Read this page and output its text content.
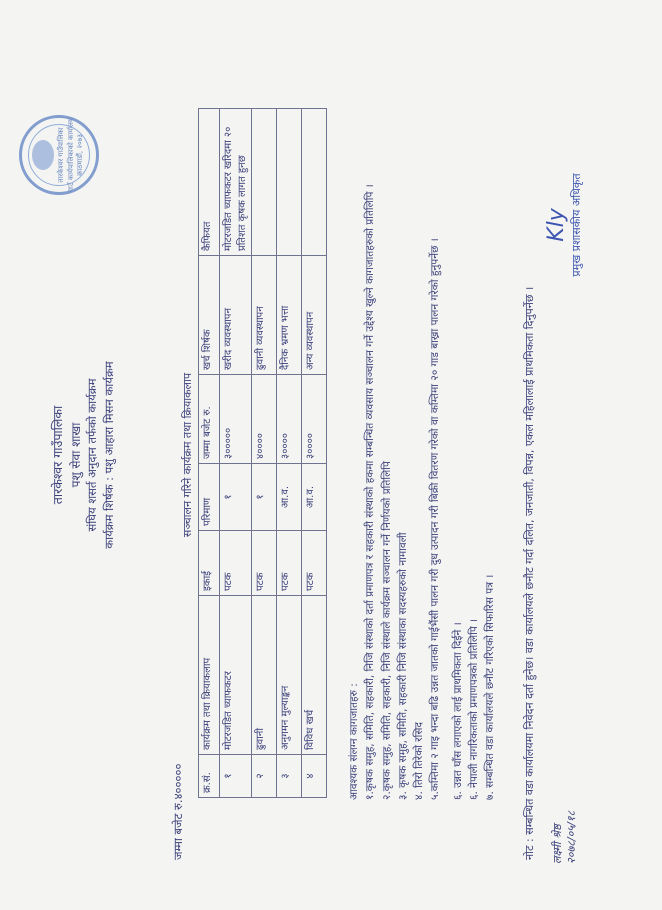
तारकेश्वर गाउँपालिका गाउँ कार्यपालिकाको कार्यालय काठमाडौं, २०७३
तारकेश्वर गाउँपालिका पशु सेवा शाखा संघिय शसर्त अनुदान तर्फको कार्यक्रम कार्यक्रम शिर्षक : पशु आहारा मिसन कार्यक्रम
जम्मा बजेट रु.४०००००
सञ्चालन गरिने कार्यक्रम तथा क्रियाकलाप
क्र.सं.	कार्यक्रम तथा क्रियाकलाप	इकाई	परिमाण	जम्मा बजेट रु.	खर्च शिर्षक	कैफियत
१	मोटरजडित च्याफकटर	पटक	१	३०००००	खरीद व्यवस्थापन	मोटरजडित च्याफकटर खरिदमा २० प्रतिशत कृषक लागत हुनछ
२	ढुवानी	पटक	१	४००००	ढुवानी व्यवस्थापन	
३	अनुगमन मुल्याङ्कन	पटक	आ.व.	३००००	दैनिक भ्रमण भत्ता	
४	विविध खर्च	पटक	आ.व.	३००००	अन्य व्यवस्थापन	

आवश्यक संलग्न कागजातहरु : १.कृषक समुह, समिति, सहकारी, निजि संस्थाको दर्ता प्रमाणपत्र र सहकारी संस्थाको हकमा सम्बन्धित व्यवसाय सञ्चालन गर्ने उद्देश्य खुल्ने कागजातहरुको प्रतिलिपि । २.कृषक समुह, समिति, सहकारी, निजि संस्थाले कार्यक्रम सञ्चालन गर्ने निर्णयको प्रतिलिपि ३. कृषक समुह, समिति, सहकारी निजि संस्थाका सदस्यहरुको नामावली ४. तिरो तिरेको रसिद ५.कम्तिमा २ गाइ भन्दा बढि उन्नत जातको गाईभैंसी पालन गरी दुध उत्पादन गरी बिक्री वितरण गरेको वा कम्तिमा २० गाड बाख्रा पालन गरेको हुनुपर्नेछ । ६. उन्नत घाँस लगाएको लाई प्राथमिकता दिईने । ६. नेपाली नागरिकताको प्रमाणपत्रको प्रतिलिपि । ७. सम्बन्धित वडा कार्यालयले छनौट गरिएको सिफारिस पत्र । नोट : सम्बन्धित वडा कार्यालयमा निवेदन दर्ता हुनेछ। वडा कार्यालयले छनौट गर्दा दलित, जनजाती, विपन्न, एकल महिलालाई प्राथमिकता दिनुपर्नेछ । लक्ष्मी श्रेष्ठ २०७८/०५/१८
Kly प्रमुख प्रशासकीय अधिकृत
